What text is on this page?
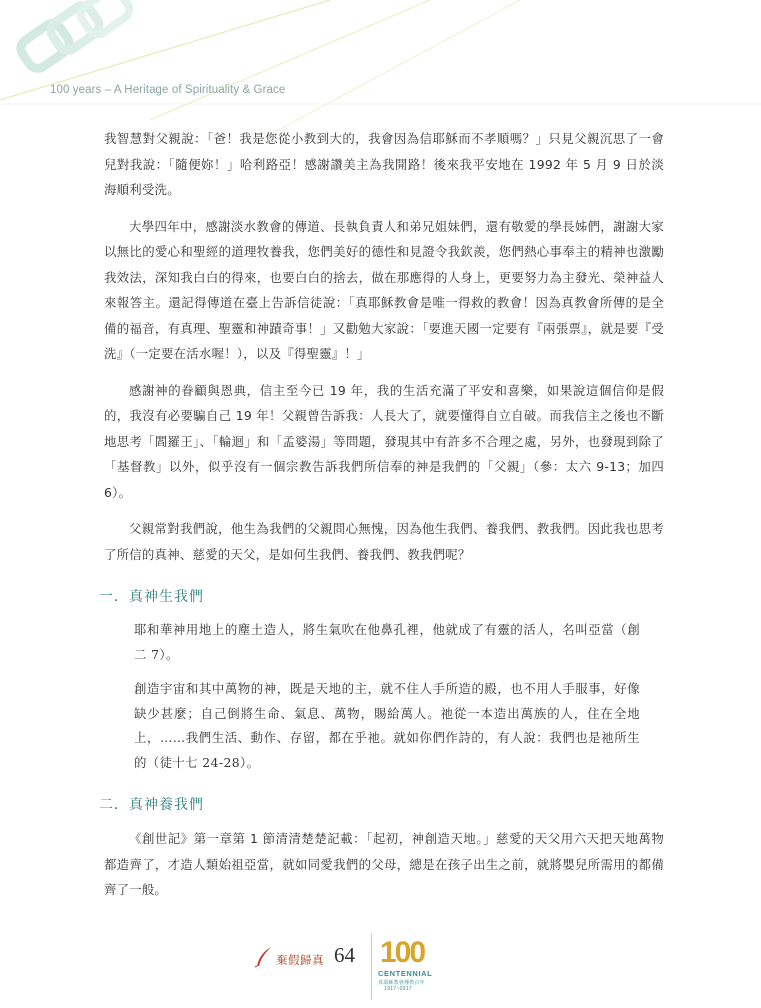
100 years – A Heritage of Spirituality & Grace

我智慧對父親說：「爸！我是您從小教到大的，我會因為信耶穌而不孝順嗎？」只見父親沉思了一會兒對我說：「隨便妳！」哈利路亞！感謝讚美主為我開路！後來我平安地在 1992 年 5 月 9 日於淡海順利受洗。

大學四年中，感謝淡水教會的傳道、長執負責人和弟兄姐妹們，還有敬愛的學長姊們，謝謝大家以無比的愛心和聖經的道理牧養我，您們美好的德性和見證令我欽羨，您們熱心事奉主的精神也激勵我效法，深知我白白的得來，也要白白的捨去，做在那應得的人身上，更要努力為主發光、榮神益人來報答主。還記得傳道在臺上告訴信徒說：「真耶穌教會是唯一得救的教會！因為真教會所傳的是全備的福音，有真理、聖靈和神蹟奇事！」又勸勉大家說：「要進天國一定要有『兩張票』，就是要『受洗』（一定要在活水喔！），以及『得聖靈』！」

感謝神的眷顧與恩典，信主至今已 19 年，我的生活充滿了平安和喜樂，如果說這個信仰是假的，我沒有必要騙自己 19 年！父親曾告訴我：人長大了，就要懂得自立自破。而我信主之後也不斷地思考「閻羅王」、「輪迴」和「孟婆湯」等問題，發現其中有許多不合理之處，另外，也發現到除了「基督教」以外，似乎沒有一個宗教告訴我們所信奉的神是我們的「父親」（參：太六 9-13；加四 6）。

父親常對我們說，他生為我們的父親問心無愧，因為他生我們、養我們、教我們。因此我也思考了所信的真神、慈愛的天父，是如何生我們、養我們、教我們呢？

一．真神生我們

耶和華神用地上的塵土造人，將生氣吹在他鼻孔裡，他就成了有靈的活人，名叫亞當（創二 7）。

創造宇宙和其中萬物的神，既是天地的主，就不住人手所造的殿，也不用人手服事，好像缺少甚麼；自己倒將生命、氣息、萬物，賜給萬人。祂從一本造出萬族的人，住在全地上，……我們生活、動作、存留，都在乎祂。就如你們作詩的，有人說：我們也是祂所生的（徒十七 24-28）。

二．真神養我們

《創世記》第一章第 1 節清清楚楚記載：「起初，神創造天地。」慈愛的天父用六天把天地萬物都造齊了，才造人類始祖亞當，就如同愛我們的父母，總是在孩子出生之前，就將嬰兒所需用的都備齊了一般。

棄假歸真 64 100
CENTENNIAL
真耶穌教會傳教百年
1917~2017
